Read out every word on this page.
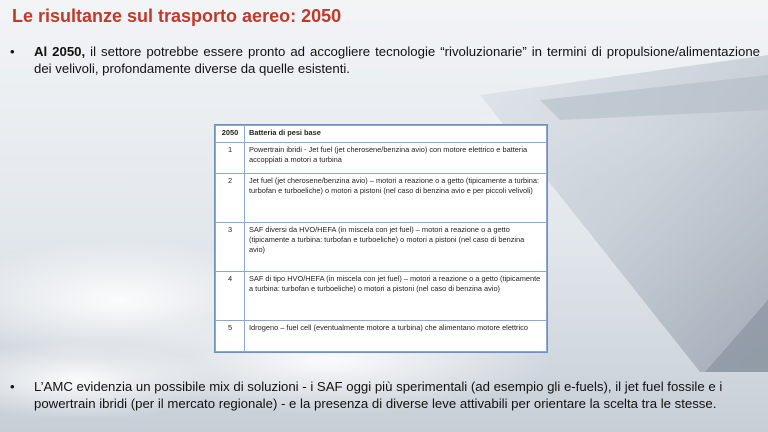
Le risultanze sul trasporto aereo: 2050
• Al 2050, il settore potrebbe essere pronto ad accogliere tecnologie “rivoluzionarie” in termini di propulsione/alimentazione dei velivoli, profondamente diverse da quelle esistenti.
2050	Batteria di pesi base
1	Powertrain ibridi - Jet fuel (jet cherosene/benzina avio) con motore elettrico e batteria accoppiati a motori a turbina
2	Jet fuel (jet cherosene/benzina avio) – motori a reazione o a getto (tipicamente a turbina: turbofan e turboeliche) o motori a pistoni (nel caso di benzina avio e per piccoli velivoli)
3	SAF diversi da HVO/HEFA (in miscela con jet fuel) – motori a reazione o a getto (tipicamente a turbina: turbofan e turboeliche) o motori a pistoni (nel caso di benzina avio)
4	SAF di tipo HVO/HEFA (in miscela con jet fuel) – motori a reazione o a getto (tipicamente a turbina: turbofan e turboeliche) o motori a pistoni (nel caso di benzina avio)
5	Idrogeno – fuel cell (eventualmente motore a turbina) che alimentano motore elettrico
• L’AMC evidenzia un possibile mix di soluzioni - i SAF oggi più sperimentali (ad esempio gli e-fuels), il jet fuel fossile e i powertrain ibridi (per il mercato regionale) - e la presenza di diverse leve attivabili per orientare la scelta tra le stesse.
